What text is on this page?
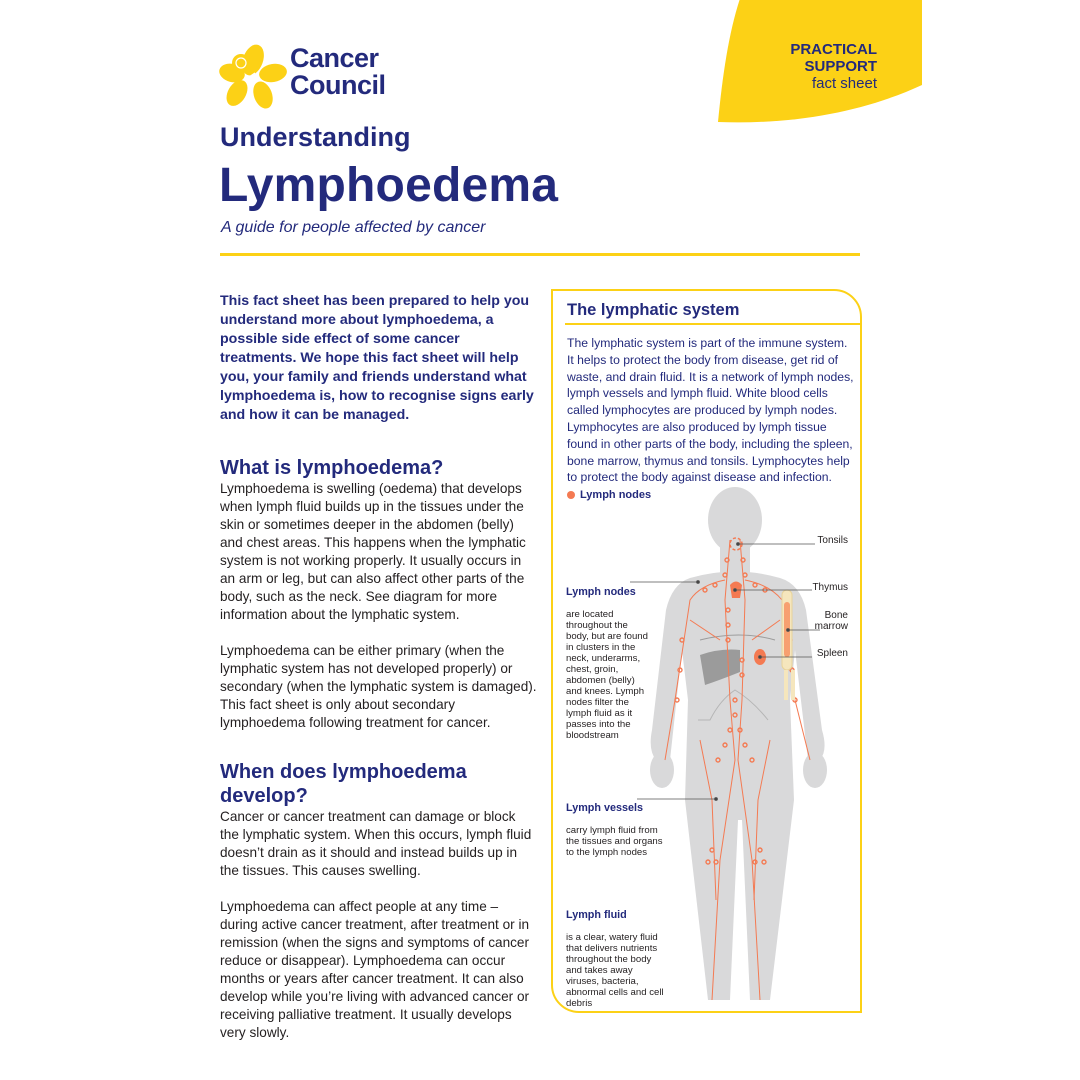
PRACTICAL
SUPPORT
fact sheet
Cancer
Council
Understanding
Lymphoedema
A guide for people affected by cancer

This fact sheet has been prepared to help you understand more about lymphoedema, a possible side effect of some cancer treatments. We hope this fact sheet will help you, your family and friends understand what lymphoedema is, how to recognise signs early and how it can be managed.

What is lymphoedema?

Lymphoedema is swelling (oedema) that develops when lymph fluid builds up in the tissues under the skin or sometimes deeper in the abdomen (belly) and chest areas. This happens when the lymphatic system is not working properly. It usually occurs in an arm or leg, but can also affect other parts of the body, such as the neck. See diagram for more information about the lymphatic system.

Lymphoedema can be either primary (when the lymphatic system has not developed properly) or secondary (when the lymphatic system is damaged). This fact sheet is only about secondary lymphoedema following treatment for cancer.

When does lymphoedema develop?

Cancer or cancer treatment can damage or block the lymphatic system. When this occurs, lymph fluid doesn’t drain as it should and instead builds up in the tissues. This causes swelling.

Lymphoedema can affect people at any time – during active cancer treatment, after treatment or in remission (when the signs and symptoms of cancer reduce or disappear). Lymphoedema can occur months or years after cancer treatment. It can also develop while you’re living with advanced cancer or receiving palliative treatment. It usually develops very slowly.

The lymphatic system

The lymphatic system is part of the immune system. It helps to protect the body from disease, get rid of waste, and drain fluid. It is a network of lymph nodes, lymph vessels and lymph fluid. White blood cells called lymphocytes are produced by lymph nodes. Lymphocytes are also produced by lymph tissue found in other parts of the body, including the spleen, bone marrow, thymus and tonsils. Lymphocytes help to protect the body against disease and infection.

Lymph nodes

Lymph nodes

are located throughout the body, but are found in clusters in the neck, underarms, chest, groin, abdomen (belly) and knees. Lymph nodes filter the lymph fluid as it passes into the bloodstream

Lymph vessels

carry lymph fluid from the tissues and organs to the lymph nodes

Lymph fluid

is a clear, watery fluid that delivers nutrients throughout the body and takes away viruses, bacteria, abnormal cells and cell debris

Tonsils
Thymus
Bone
marrow
Spleen
